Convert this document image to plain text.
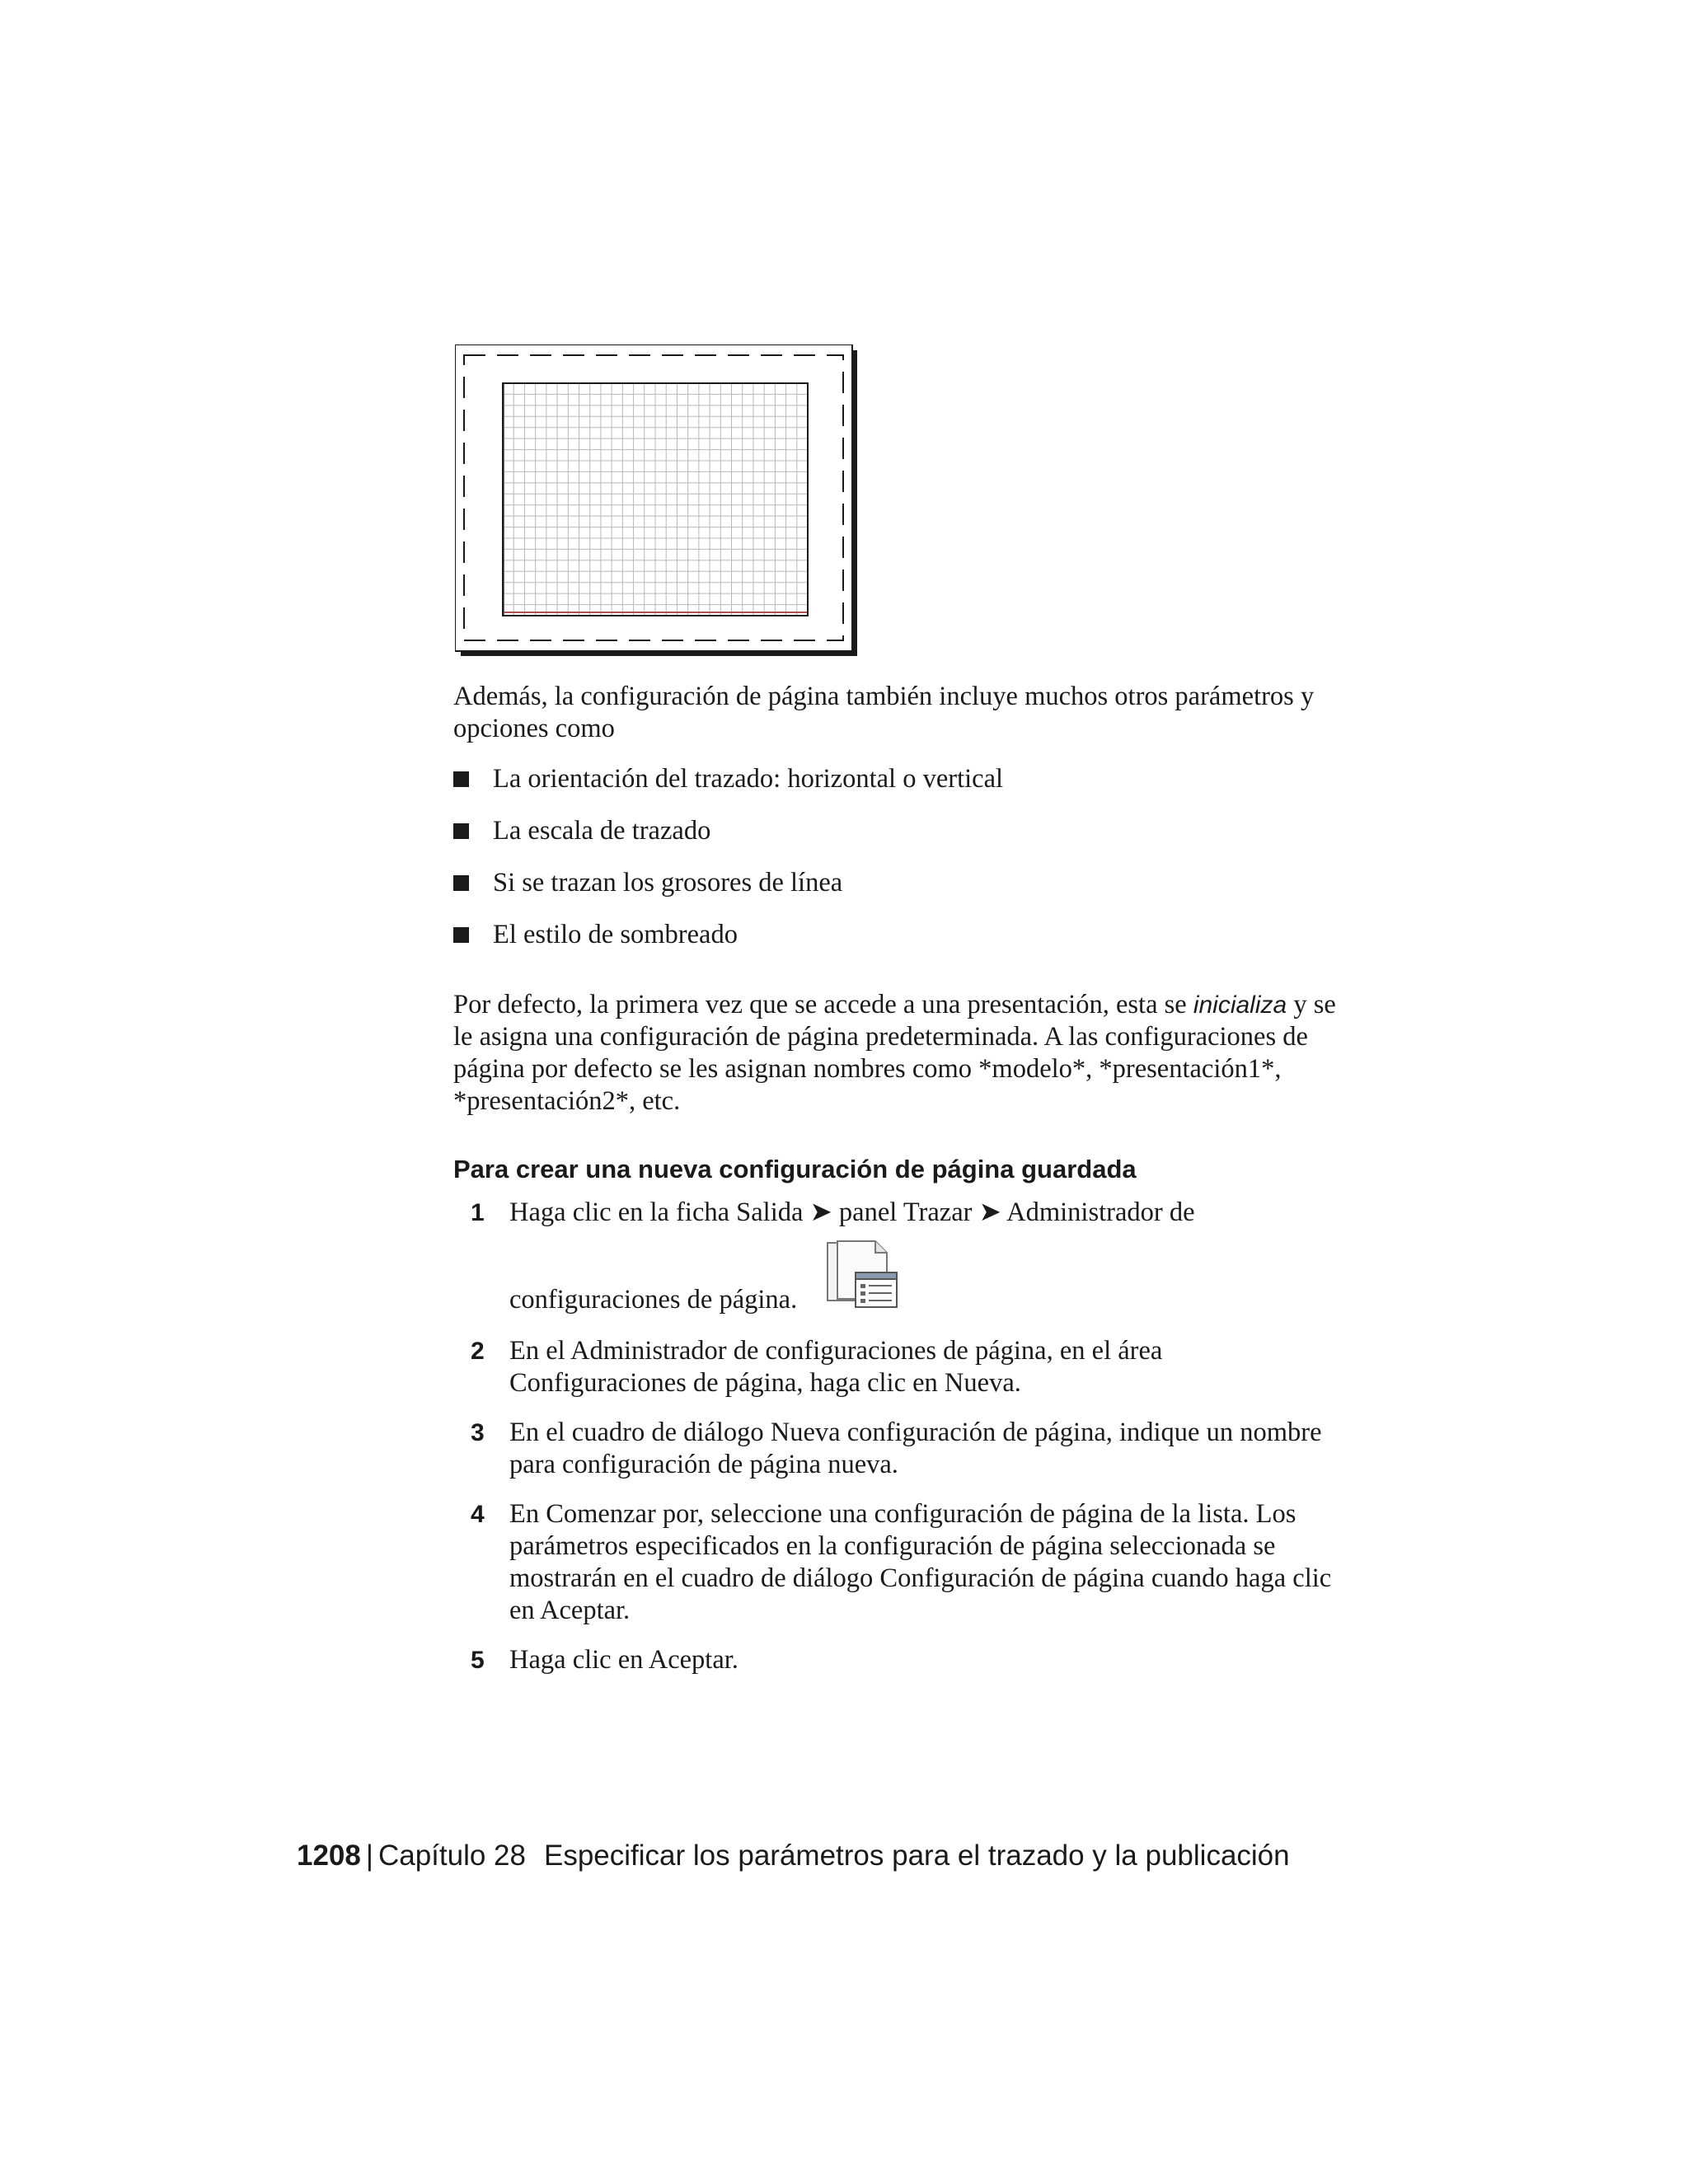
Además, la configuración de página también incluye muchos otros parámetros y opciones como

La orientación del trazado: horizontal o vertical
La escala de trazado
Si se trazan los grosores de línea
El estilo de sombreado

Por defecto, la primera vez que se accede a una presentación, esta se inicializa y se le asigna una configuración de página predeterminada. A las configuraciones de página por defecto se les asignan nombres como *modelo*, *presentación1*, *presentación2*, etc.

Para crear una nueva configuración de página guardada
1 Haga clic en la ficha Salida ➤ panel Trazar ➤ Administrador de
configuraciones de página.
2 En el Administrador de configuraciones de página, en el área Configuraciones de página, haga clic en Nueva.
3 En el cuadro de diálogo Nueva configuración de página, indique un nombre para configuración de página nueva.
4 En Comenzar por, seleccione una configuración de página de la lista. Los parámetros especificados en la configuración de página seleccionada se mostrarán en el cuadro de diálogo Configuración de página cuando haga clic en Aceptar.
5 Haga clic en Aceptar.
1208 | Capítulo 28 Especificar los parámetros para el trazado y la publicación
